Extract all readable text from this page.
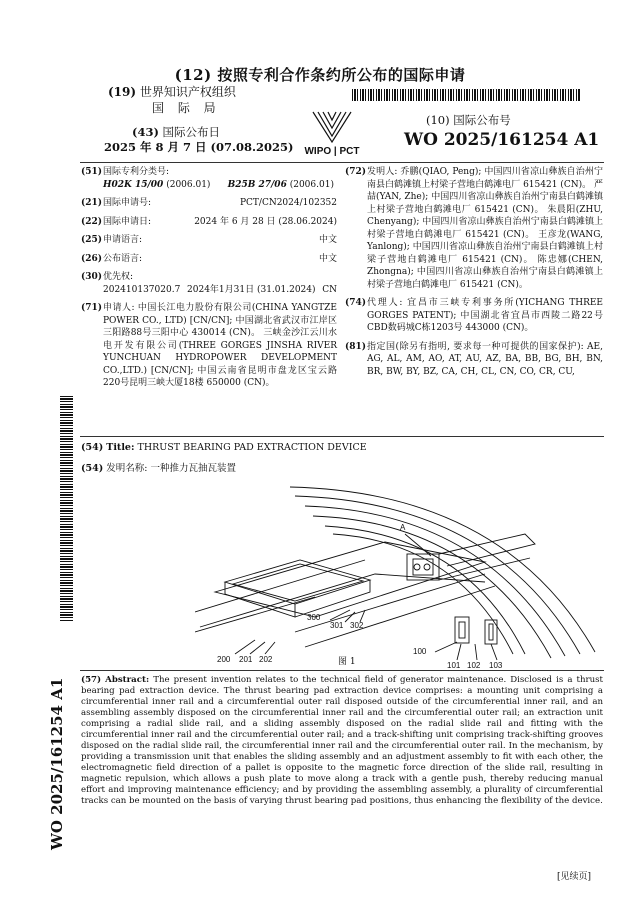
(12) 按照专利合作条约所公布的国际申请
(19) 世界知识产权组织
国 际 局
(43) 国际公布日
2025 年 8 月 7 日 (07.08.2025) WIPO | PCT
(10) 国际公布号
WO 2025/161254 A1
(51) 国际专利分类号:
H02K 15/00 (2006.01) B25B 27/06 (2006.01)
(21) 国际申请号:	PCT/CN2024/102352
(22) 国际申请日:	2024 年 6 月 28 日 (28.06.2024)
(25) 申请语言:	中文
(26) 公布语言:	中文
(30) 优先权:
202410137020.7 2024年1月31日 (31.01.2024) CN
(71) 申请人: 中国长江电力股份有限公司(CHINA YANGTZE POWER CO., LTD) [CN/CN]; 中国湖北省武汉市江岸区三阳路88号三阳中心 430014 (CN)。 三峡金沙江云川水电开发有限公司(THREE GORGES JINSHA RIVER YUNCHUAN HYDROPOWER DEVELOPMENT CO.,LTD.) [CN/CN]; 中国云南省昆明市盘龙区宝云路220号昆明三峡大厦18楼 650000 (CN)。
(72) 发明人: 乔鹏(QIAO, Peng); 中国四川省凉山彝族自治州宁南县白鹤滩镇上村梁子营地白鹤滩电厂 615421 (CN)。 严喆(YAN, Zhe); 中国四川省凉山彝族自治州宁南县白鹤滩镇上村梁子营地白鹤滩电厂 615421 (CN)。 朱晨阳(ZHU, Chenyang); 中国四川省凉山彝族自治州宁南县白鹤滩镇上村梁子营地白鹤滩电厂 615421 (CN)。 王彦龙(WANG, Yanlong); 中国四川省凉山彝族自治州宁南县白鹤滩镇上村梁子营地白鹤滩电厂 615421 (CN)。 陈忠娜(CHEN, Zhongna); 中国四川省凉山彝族自治州宁南县白鹤滩镇上村梁子营地白鹤滩电厂 615421 (CN)。
(74) 代理人: 宜昌市三峡专利事务所(YICHANG THREE GORGES PATENT); 中国湖北省宜昌市西陵二路22号CBD数码城C栋1203号 443000 (CN)。
(81) 指定国(除另有指明, 要求每一种可提供的国家保护): AE, AG, AL, AM, AO, AT, AU, AZ, BA, BB, BG, BH, BN, BR, BW, BY, BZ, CA, CH, CL, CN, CO, CR, CU,
WO 2025/161254 A1
(54) Title: THRUST BEARING PAD EXTRACTION DEVICE
(54) 发明名称: 一种推力瓦抽瓦装置
A
300
301 302
200 201 202
100
101 102 103
图 1
(57) Abstract: The present invention relates to the technical field of generator maintenance. Disclosed is a thrust bearing pad extraction device. The thrust bearing pad extraction device comprises: a mounting unit comprising a circumferential inner rail and a circumferential outer rail disposed outside of the circumferential inner rail, and an assembling assembly disposed on the circumferential inner rail and the circumferential outer rail; an extraction unit comprising a radial slide rail, and a sliding assembly disposed on the radial slide rail and fitting with the circumferential inner rail and the circumferential outer rail; and a track-shifting unit comprising track-shifting grooves disposed on the radial slide rail, the circumferential inner rail and the circumferential outer rail. In the mechanism, by providing a transmission unit that enables the sliding assembly and an adjustment assembly to fit with each other, the electromagnetic field direction of a pallet is opposite to the magnetic force direction of the slide rail, resulting in magnetic repulsion, which allows a push plate to move along a track with a gentle push, thereby reducing manual effort and improving maintenance efficiency; and by providing the assembling assembly, a plurality of circumferential tracks can be mounted on the basis of varying thrust bearing pad positions, thus enhancing the flexibility of the device.
[见续页]
